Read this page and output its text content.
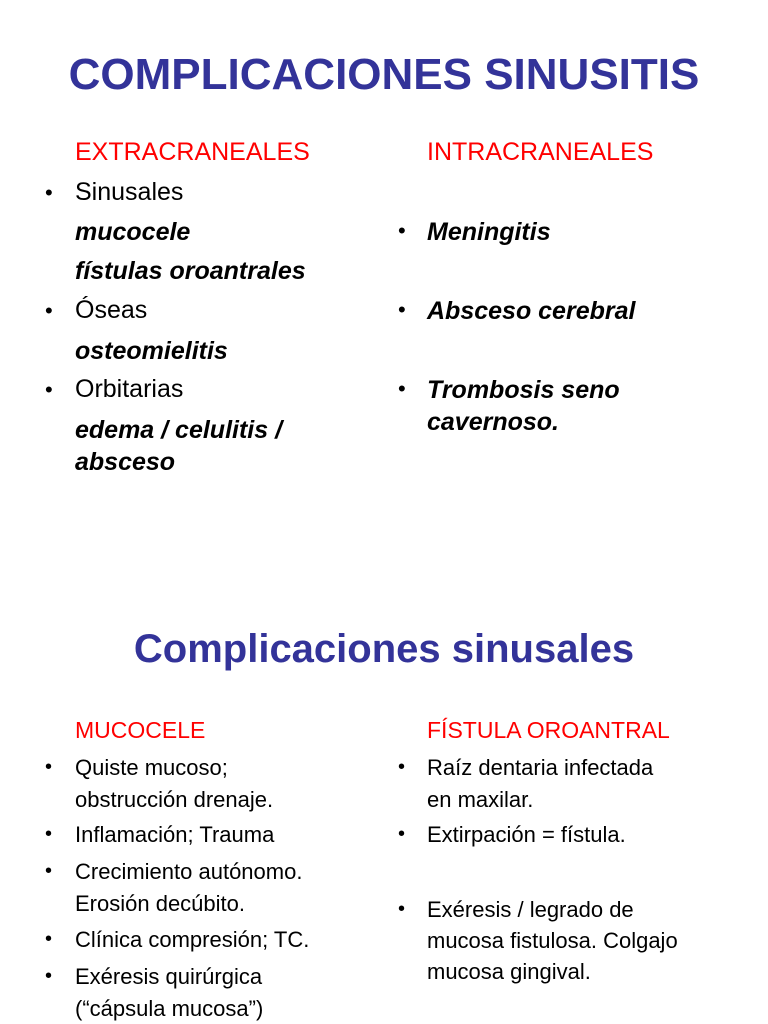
COMPLICACIONES SINUSITIS
EXTRACRANEALES	INTRACRANEALES
• Sinusales
mucocele
fístulas oroantrales
• Óseas
osteomielitis
• Orbitarias
edema / celulitis /
absceso
• Meningitis
• Absceso cerebral
• Trombosis seno
cavernoso.
Complicaciones sinusales
MUCOCELE	FÍSTULA OROANTRAL
• Quiste mucoso;
obstrucción drenaje.
• Inflamación; Trauma
• Crecimiento autónomo.
Erosión decúbito.
• Clínica compresión; TC.
• Exéresis quirúrgica
(“cápsula mucosa”)
• Raíz dentaria infectada
en maxilar.
• Extirpación = fístula.
• Exéresis / legrado de
mucosa fistulosa. Colgajo
mucosa gingival.
